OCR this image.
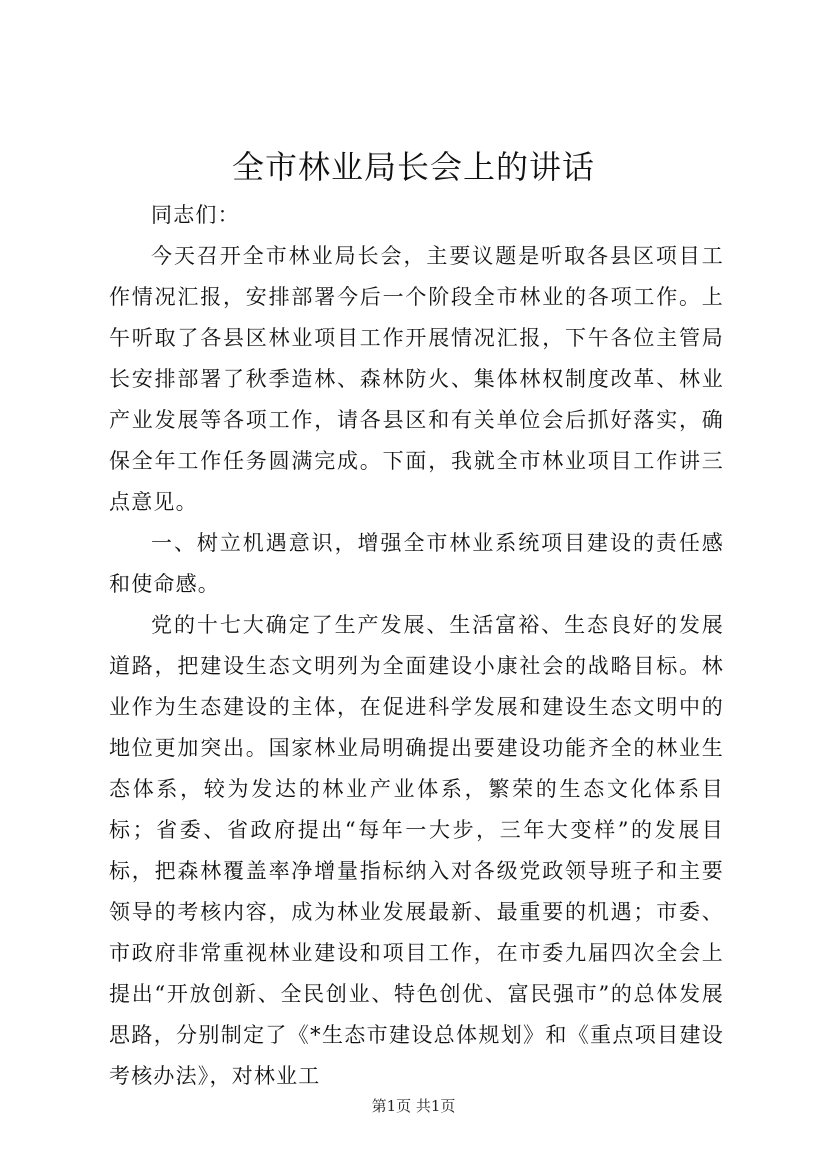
全市林业局长会上的讲话

同志们：

今天召开全市林业局长会，主要议题是听取各县区项目工作情况汇报，安排部署今后一个阶段全市林业的各项工作。上午听取了各县区林业项目工作开展情况汇报，下午各位主管局长安排部署了秋季造林、森林防火、集体林权制度改革、林业产业发展等各项工作，请各县区和有关单位会后抓好落实，确保全年工作任务圆满完成。下面，我就全市林业项目工作讲三点意见。

一、树立机遇意识，增强全市林业系统项目建设的责任感和使命感。

党的十七大确定了生产发展、生活富裕、生态良好的发展道路，把建设生态文明列为全面建设小康社会的战略目标。林业作为生态建设的主体，在促进科学发展和建设生态文明中的地位更加突出。国家林业局明确提出要建设功能齐全的林业生态体系，较为发达的林业产业体系，繁荣的生态文化体系目标；省委、省政府提出“每年一大步，三年大变样”的发展目标，把森林覆盖率净增量指标纳入对各级党政领导班子和主要领导的考核内容，成为林业发展最新、最重要的机遇；市委、市政府非常重视林业建设和项目工作，在市委九届四次全会上提出“开放创新、全民创业、特色创优、富民强市”的总体发展思路，分别制定了《*生态市建设总体规划》和《重点项目建设考核办法》，对林业工

第1页 共1页
